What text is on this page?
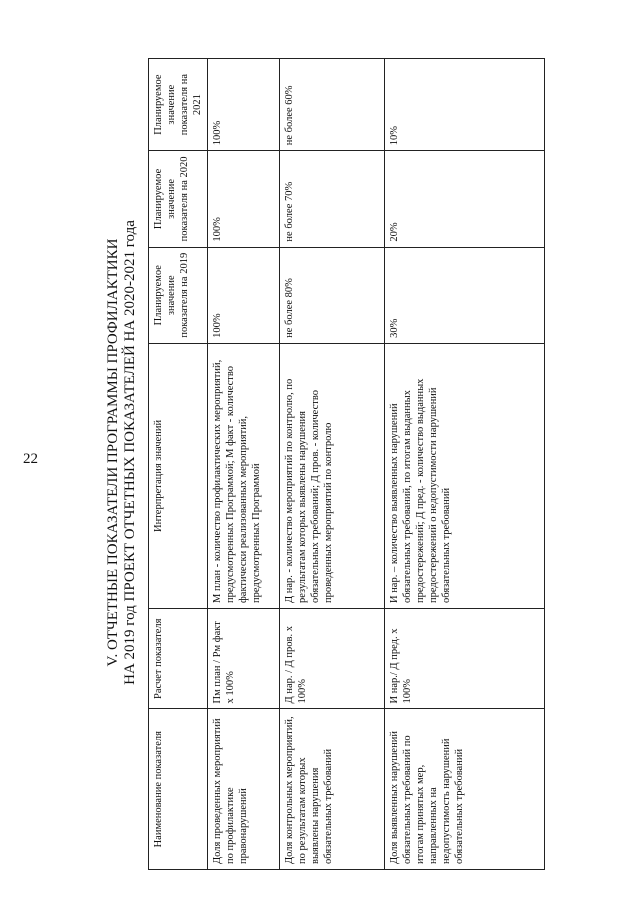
22	V. ОТЧЕТНЫЕ ПОКАЗАТЕЛИ ПРОГРАММЫ ПРОФИЛАКТИКИ НА 2019 год ПРОЕКТ ОТЧЕТНЫХ ПОКАЗАТЕЛЕЙ НА 2020-2021 года
Наименование показателя	Расчет показателя	Интерпретация значений	Планируемое значение показателя на 2019	Планируемое значение показателя на 2020	Планируемое значение показателя на 2021
Доля проведенных мероприятий по профилактике правонарушений	Пм план / Рм факт х 100%	М план - количество профилактических мероприятий, предусмотренных Программой; М факт - количество фактически реализованных мероприятий, предусмотренных Программой	100%	100%	100%
Доля контрольных мероприятий, по результатам которых выявлены нарушения обязательных требований	Д нар. / Д пров. х 100%	Д нар. - количество мероприятий по контролю, по результатам которых выявлены нарушения обязательных требований; Д пров. - количество проведенных мероприятий по контролю	не более 80%	не более 70%	не более 60%
Доля выявленных нарушений обязательных требований по итогам принятых мер, направленных на недопустимость нарушений обязательных требований	И нар./ Д пред. х 100%	И нар. – количество выявленных нарушений обязательных требований, по итогам выданных предостережений; Д пред. - количество выданных предостережений о недопустимости нарушений обязательных требований	30%	20%	10%
